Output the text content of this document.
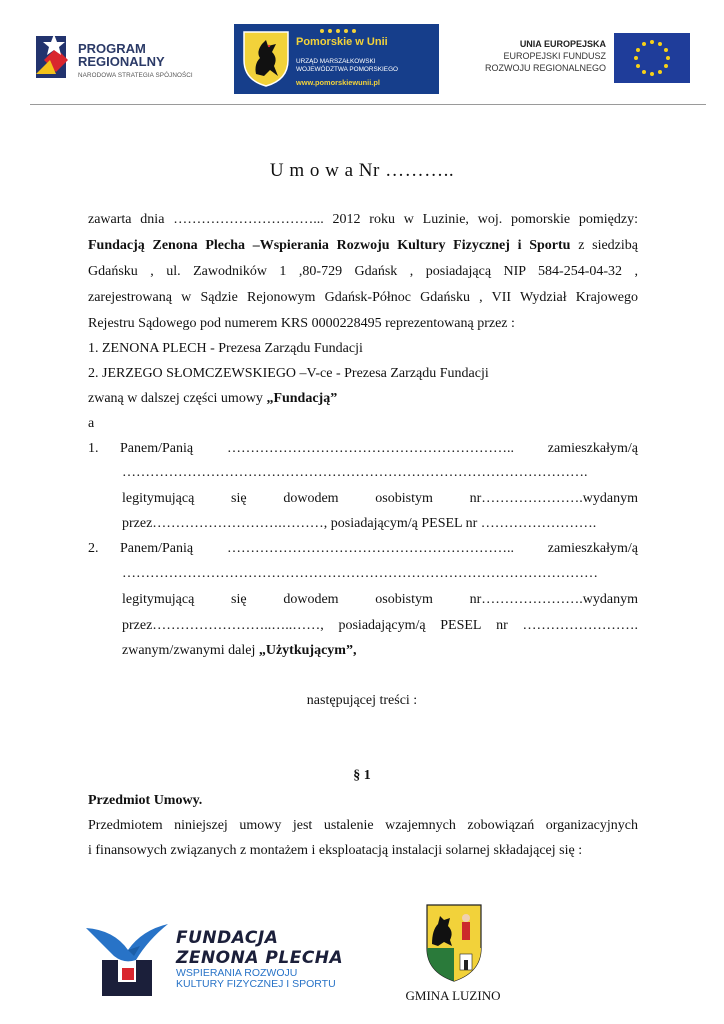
PROGRAM
REGIONALNY
NARODOWA STRATEGIA SPÓJNOŚCI
Pomorskie w Unii
URZĄD MARSZAŁKOWSKI
WOJEWÓDZTWA POMORSKIEGO
www.pomorskiewunii.pl
UNIA EUROPEJSKA
EUROPEJSKI FUNDUSZ
ROZWOJU REGIONALNEGO
U m o w a Nr ………..
zawarta dnia …………………………... 2012 roku w Luzinie, woj. pomorskie pomiędzy:
Fundacją Zenona Plecha –Wspierania Rozwoju Kultury Fizycznej i Sportu z siedzibą
Gdańsku , ul. Zawodników 1 ,80-729 Gdańsk , posiadającą NIP 584-254-04-32 ,
zarejestrowaną w Sądzie Rejonowym Gdańsk-Północ Gdańsku , VII Wydział Krajowego
Rejestru Sądowego pod numerem KRS 0000228495 reprezentowaną przez :
1. ZENONA PLECH - Prezesa Zarządu Fundacji
2. JERZEGO SŁOMCZEWSKIEGO –V-ce - Prezesa Zarządu Fundacji
zwaną w dalszej części umowy „Fundacją”
a
1. Panem/Panią …………………………………………………….. zamieszkałym/ą
……………………………………………………………………………………….
legitymującą	się	dowodem	osobistym	nr………………….wydanym
przez……………………….………, posiadającym/ą PESEL nr …………………….
2. Panem/Panią …………………………………………………….. zamieszkałym/ą
…………………………………………………………………………………………
legitymującą	się	dowodem	osobistym	nr………………….wydanym
przez……………………..…..……, posiadającym/ą PESEL nr …………………….
zwanym/zwanymi dalej „Użytkującym”,
następującej treści :
§ 1
Przedmiot Umowy.
Przedmiotem niniejszej umowy jest ustalenie wzajemnych zobowiązań organizacyjnych
i finansowych związanych z montażem i eksploatacją instalacji solarnej składającej się :
FUNDACJA
ZENONA PLECHA
WSPIERANIA ROZWOJU
KULTURY FIZYCZNEJ I SPORTU
GMINA LUZINO
